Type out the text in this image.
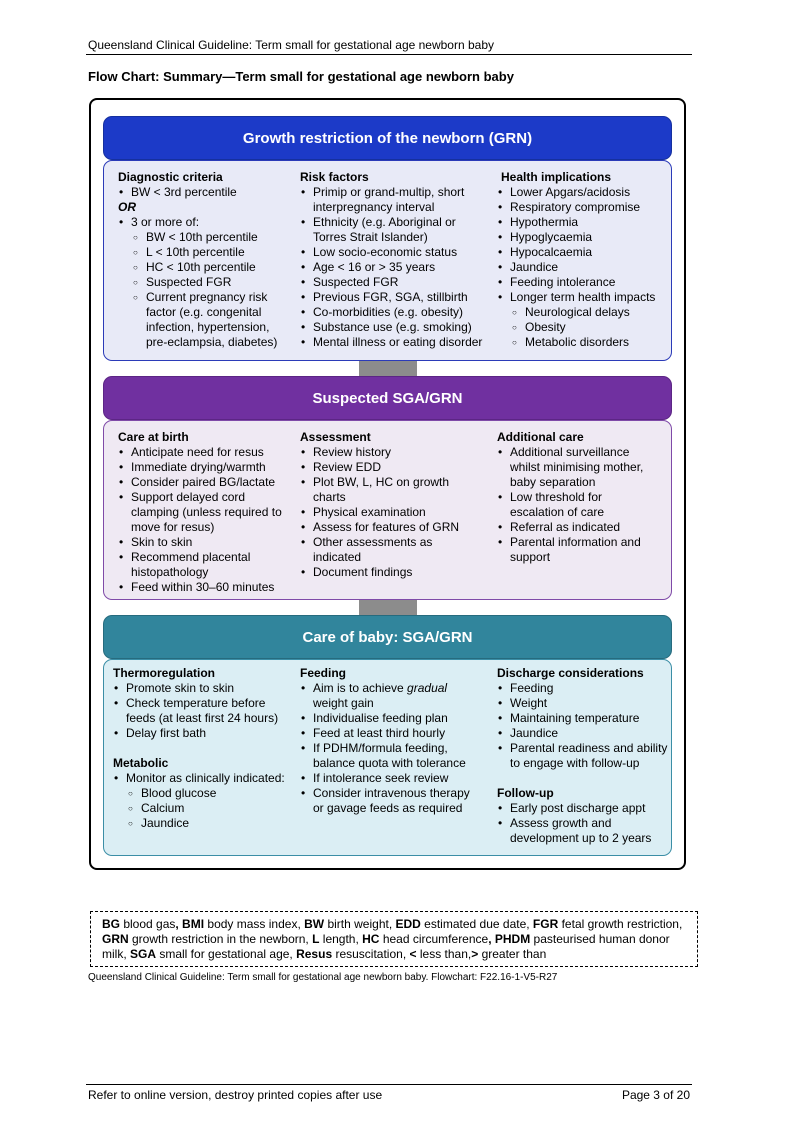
Queensland Clinical Guideline: Term small for gestational age newborn baby
Flow Chart: Summary—Term small for gestational age newborn baby
Growth restriction of the newborn (GRN)
Diagnostic criteria
• BW < 3rd percentile
OR
• 3 or more of:
○ BW < 10th percentile
○ L < 10th percentile
○ HC < 10th percentile
○ Suspected FGR
○ Current pregnancy risk factor (e.g. congenital infection, hypertension, pre-eclampsia, diabetes)
Risk factors
• Primip or grand-multip, short interpregnancy interval
• Ethnicity (e.g. Aboriginal or Torres Strait Islander)
• Low socio-economic status
• Age < 16 or > 35 years
• Suspected FGR
• Previous FGR, SGA, stillbirth
• Co-morbidities (e.g. obesity)
• Substance use (e.g. smoking)
• Mental illness or eating disorder
Health implications
• Lower Apgars/acidosis
• Respiratory compromise
• Hypothermia
• Hypoglycaemia
• Hypocalcaemia
• Jaundice
• Feeding intolerance
• Longer term health impacts
○ Neurological delays
○ Obesity
○ Metabolic disorders
Suspected SGA/GRN
Care at birth
• Anticipate need for resus
• Immediate drying/warmth
• Consider paired BG/lactate
• Support delayed cord clamping (unless required to move for resus)
• Skin to skin
• Recommend placental histopathology
• Feed within 30–60 minutes
Assessment
• Review history
• Review EDD
• Plot BW, L, HC on growth charts
• Physical examination
• Assess for features of GRN
• Other assessments as indicated
• Document findings
Additional care
• Additional surveillance whilst minimising mother, baby separation
• Low threshold for escalation of care
• Referral as indicated
• Parental information and support
Care of baby: SGA/GRN
Thermoregulation
• Promote skin to skin
• Check temperature before feeds (at least first 24 hours)
• Delay first bath
Metabolic
• Monitor as clinically indicated:
○ Blood glucose
○ Calcium
○ Jaundice
Feeding
• Aim is to achieve gradual weight gain
• Individualise feeding plan
• Feed at least third hourly
• If PDHM/formula feeding, balance quota with tolerance
• If intolerance seek review
• Consider intravenous therapy or gavage feeds as required
Discharge considerations
• Feeding
• Weight
• Maintaining temperature
• Jaundice
• Parental readiness and ability to engage with follow-up
Follow-up
• Early post discharge appt
• Assess growth and development up to 2 years
BG blood gas, BMI body mass index, BW birth weight, EDD estimated due date, FGR fetal growth restriction, GRN growth restriction in the newborn, L length, HC head circumference, PHDM pasteurised human donor milk, SGA small for gestational age, Resus resuscitation, < less than,> greater than
Queensland Clinical Guideline: Term small for gestational age newborn baby. Flowchart: F22.16-1-V5-R27
Refer to online version, destroy printed copies after use	Page 3 of 20
